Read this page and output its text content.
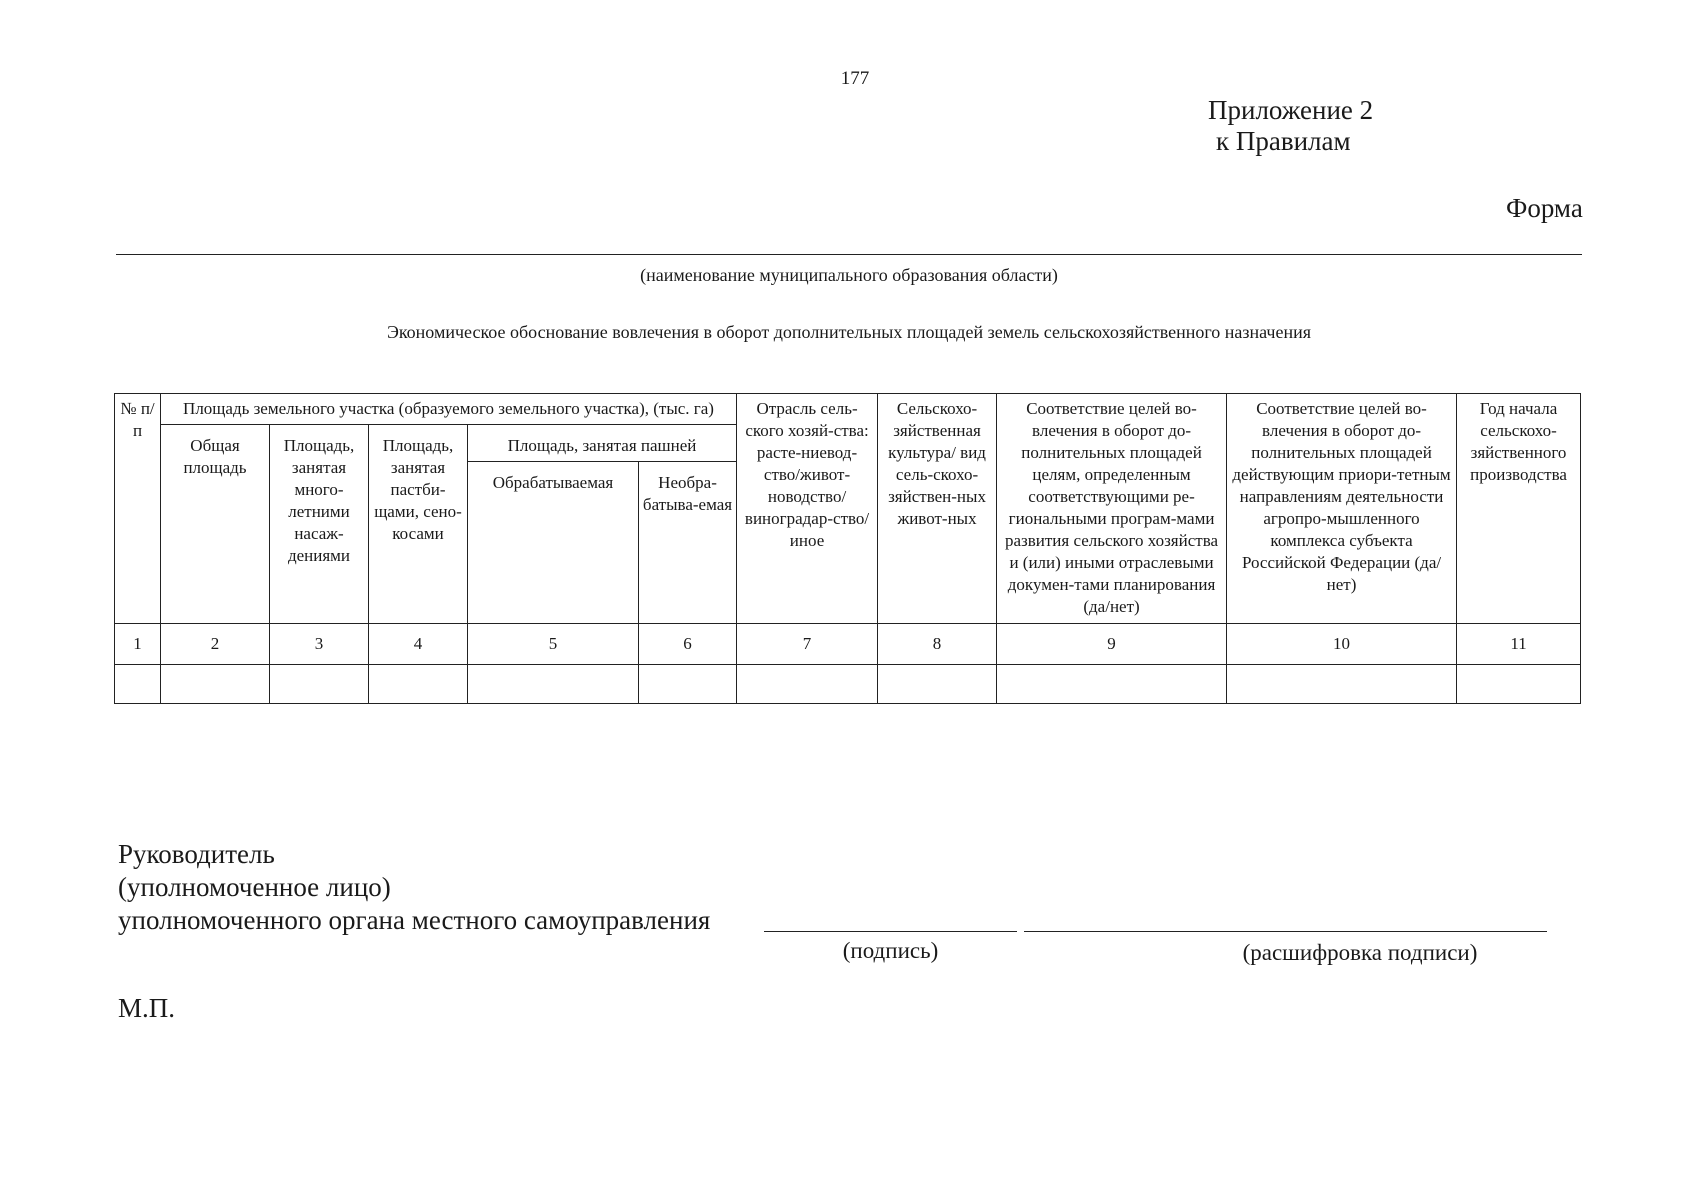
177
Приложение 2
к Правилам
Форма
(наименование муниципального образования области)
Экономическое обоснование вовлечения в оборот дополнительных площадей земель сельскохозяйственного назначения
№ п/п	Площадь земельного участка (образуемого земельного участка), (тыс. га)					Отрасль сель-ского хозяй-ства: расте-ниевод-ство/живот-новодство/ виноградар-ство/иное	Сельскохо-зяйственная культура/ вид сель-скохо-зяйствен-ных живот-ных	Соответствие целей во-влечения в оборот до-полнительных площадей целям, определенным соответствующими ре-гиональными програм-мами развития сельского хозяйства и (или) иными отраслевыми докумен-тами планирования (да/нет)	Соответствие целей во-влечения в оборот до-полнительных площадей действующим приори-тетным направлениям деятельности агропро-мышленного комплекса субъекта Российской Федерации (да/нет)	Год начала сельскохо-зяйственного производства
	Общая площадь	Площадь, занятая много-летними насаж-дениями	Площадь, занятая пастби-щами, сено-косами	Площадь, занятая пашней						
				Обрабатываемая	Необра-батыва-емая					
1	2	3	4	5	6	7	8	9	10	11

Руководитель
(уполномоченное лицо)
уполномоченного органа местного самоуправления
(подпись)	(расшифровка подписи)
М.П.
